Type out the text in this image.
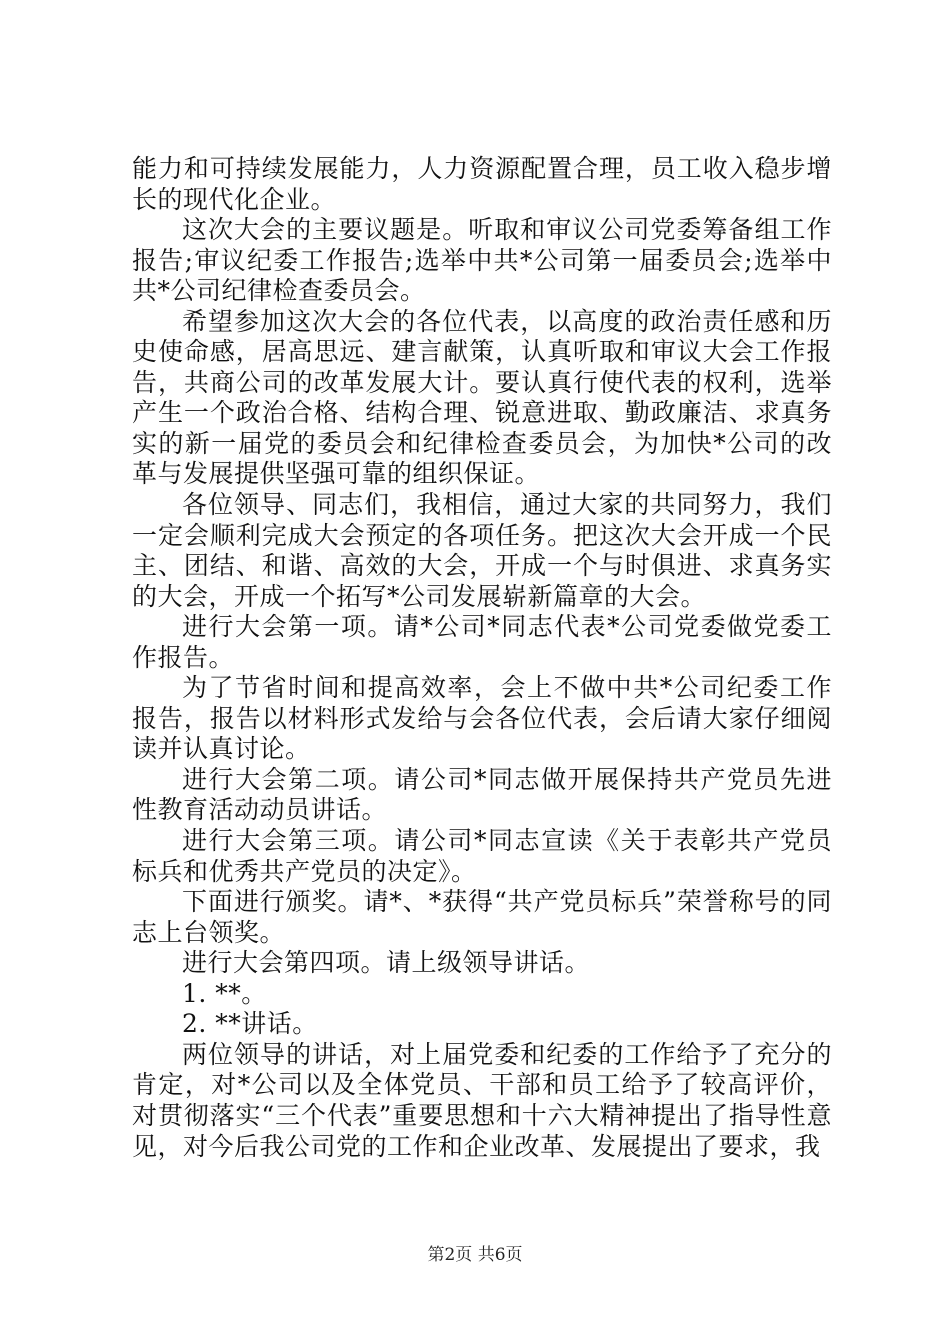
能力和可持续发展能力，人力资源配置合理，员工收入稳步增长的现代化企业。

这次大会的主要议题是。听取和审议公司党委筹备组工作报告;审议纪委工作报告;选举中共*公司第一届委员会;选举中共*公司纪律检查委员会。

希望参加这次大会的各位代表，以高度的政治责任感和历史使命感，居高思远、建言献策，认真听取和审议大会工作报告，共商公司的改革发展大计。要认真行使代表的权利，选举产生一个政治合格、结构合理、锐意进取、勤政廉洁、求真务实的新一届党的委员会和纪律检查委员会，为加快*公司的改革与发展提供坚强可靠的组织保证。

各位领导、同志们，我相信，通过大家的共同努力，我们一定会顺利完成大会预定的各项任务。把这次大会开成一个民主、团结、和谐、高效的大会，开成一个与时俱进、求真务实的大会，开成一个拓写*公司发展崭新篇章的大会。

进行大会第一项。请*公司*同志代表*公司党委做党委工作报告。

为了节省时间和提高效率，会上不做中共*公司纪委工作报告，报告以材料形式发给与会各位代表，会后请大家仔细阅读并认真讨论。

进行大会第二项。请公司*同志做开展保持共产党员先进性教育活动动员讲话。

进行大会第三项。请公司*同志宣读《关于表彰共产党员标兵和优秀共产党员的决定》。

下面进行颁奖。请*、*获得“共产党员标兵”荣誉称号的同志上台领奖。

进行大会第四项。请上级领导讲话。

1. **。

2. **讲话。

两位领导的讲话，对上届党委和纪委的工作给予了充分的肯定，对*公司以及全体党员、干部和员工给予了较高评价，对贯彻落实“三个代表”重要思想和十六大精神提出了指导性意见，对今后我公司党的工作和企业改革、发展提出了要求，我

第2页 共6页
